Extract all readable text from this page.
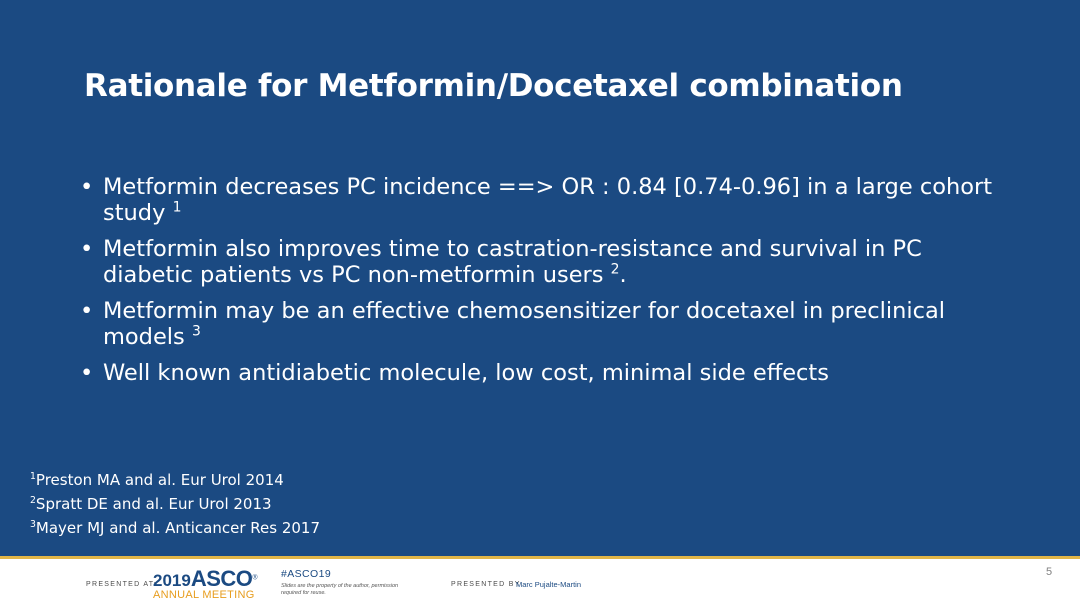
Rationale for Metformin/Docetaxel combination
• Metformin decreases PC incidence ==> OR : 0.84 [0.74-0.96] in a large cohort study $^1$
• Metformin also improves time to castration-resistance and survival in PC diabetic patients vs PC non-metformin users $^2$.
• Metformin may be an effective chemosensitizer for docetaxel in preclinical models $^3$
• Well known antidiabetic molecule, low cost, minimal side effects
$^1$Preston MA and al. Eur Urol 2014
$^2$Spratt DE and al. Eur Urol 2013
$^3$Mayer MJ and al. Anticancer Res 2017
PRESENTED AT:
2019ASCO®
ANNUAL MEETING
#ASCO19
Slides are the property of the author, permission required for reuse.
PRESENTED BY:
Marc Pujalte-Martin
5
